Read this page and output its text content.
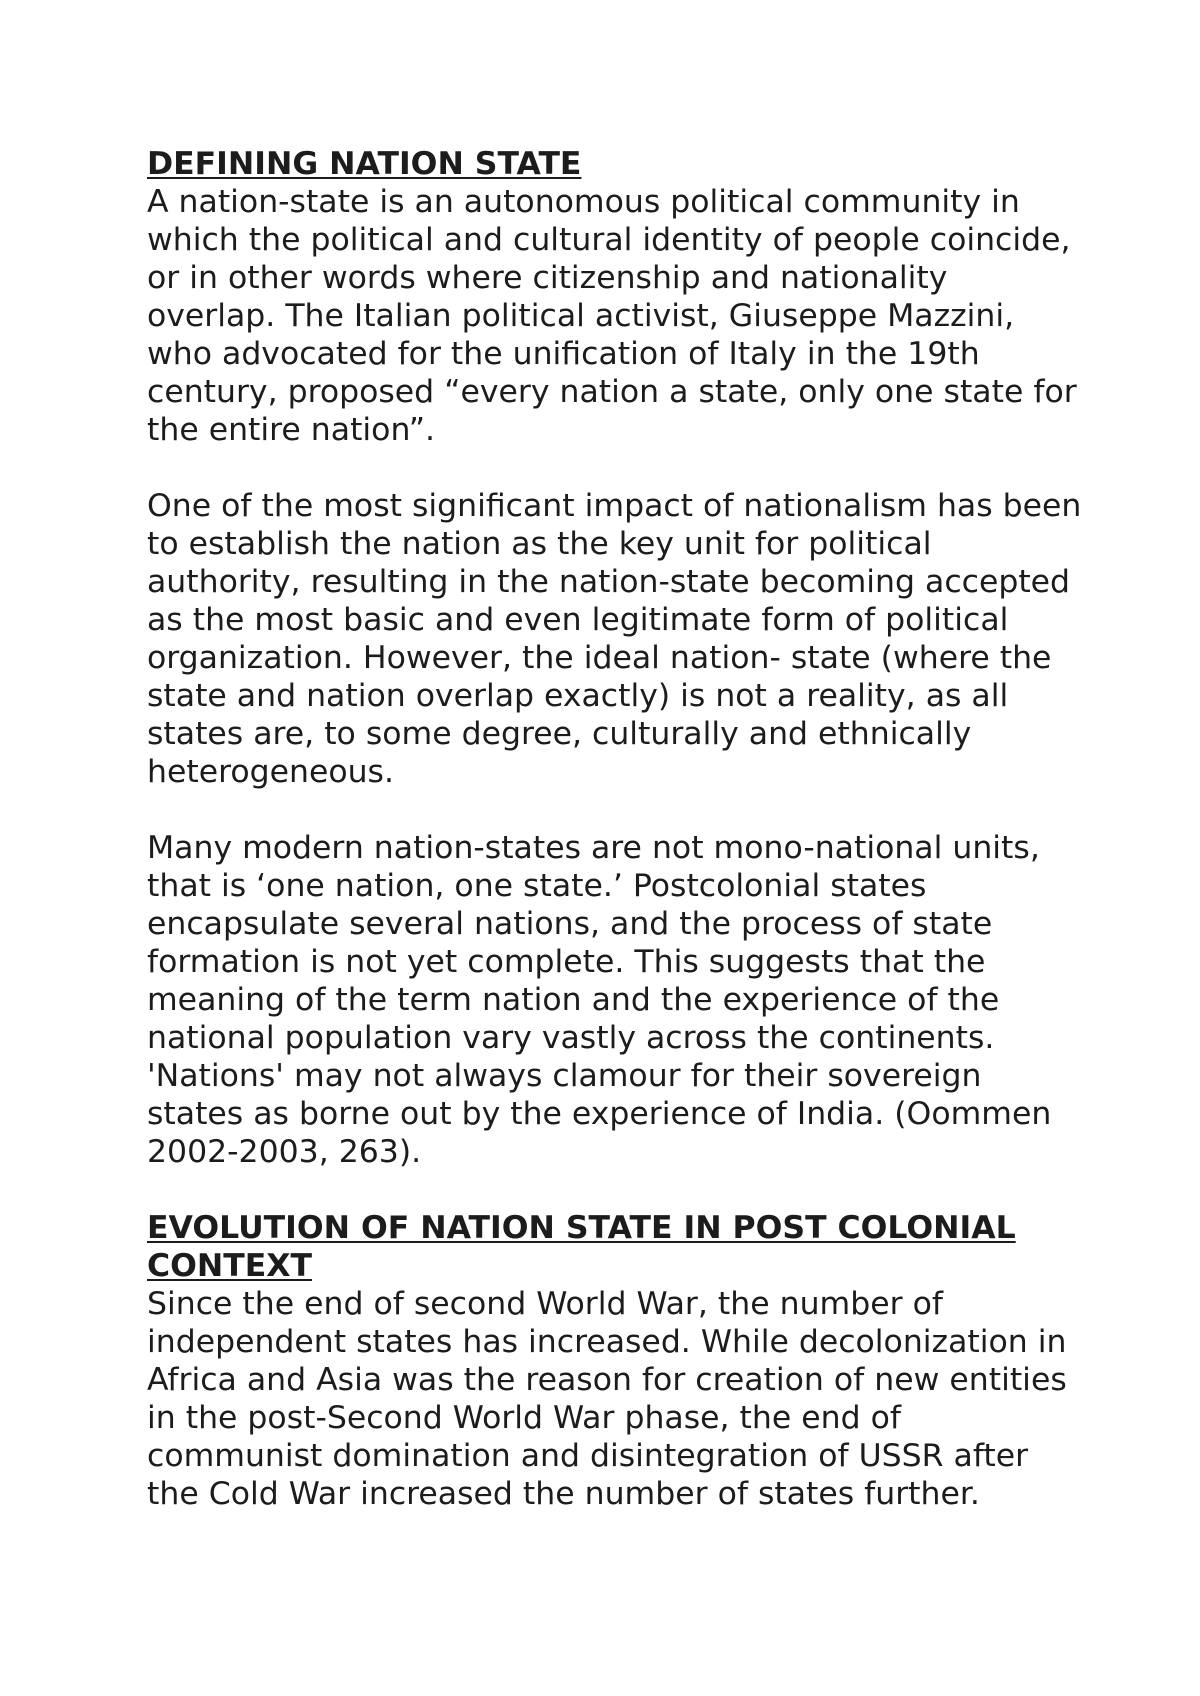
DEFINING NATION STATE

A nation-state is an autonomous political community in which the political and cultural identity of people coincide, or in other words where citizenship and nationality overlap. The Italian political activist, Giuseppe Mazzini, who advocated for the unification of Italy in the 19th century, proposed “every nation a state, only one state for the entire nation”.

One of the most significant impact of nationalism has been to establish the nation as the key unit for political authority, resulting in the nation-state becoming accepted as the most basic and even legitimate form of political organization. However, the ideal nation- state (where the state and nation overlap exactly) is not a reality, as all states are, to some degree, culturally and ethnically heterogeneous.

Many modern nation-states are not mono-national units, that is ‘one nation, one state.’ Postcolonial states encapsulate several nations, and the process of state formation is not yet complete. This suggests that the meaning of the term nation and the experience of the national population vary vastly across the continents. 'Nations' may not always clamour for their sovereign states as borne out by the experience of India. (Oommen 2002-2003, 263).

EVOLUTION OF NATION STATE IN POST COLONIAL CONTEXT

Since the end of second World War, the number of independent states has increased. While decolonization in Africa and Asia was the reason for creation of new entities in the post-Second World War phase, the end of communist domination and disintegration of USSR after the Cold War increased the number of states further.
